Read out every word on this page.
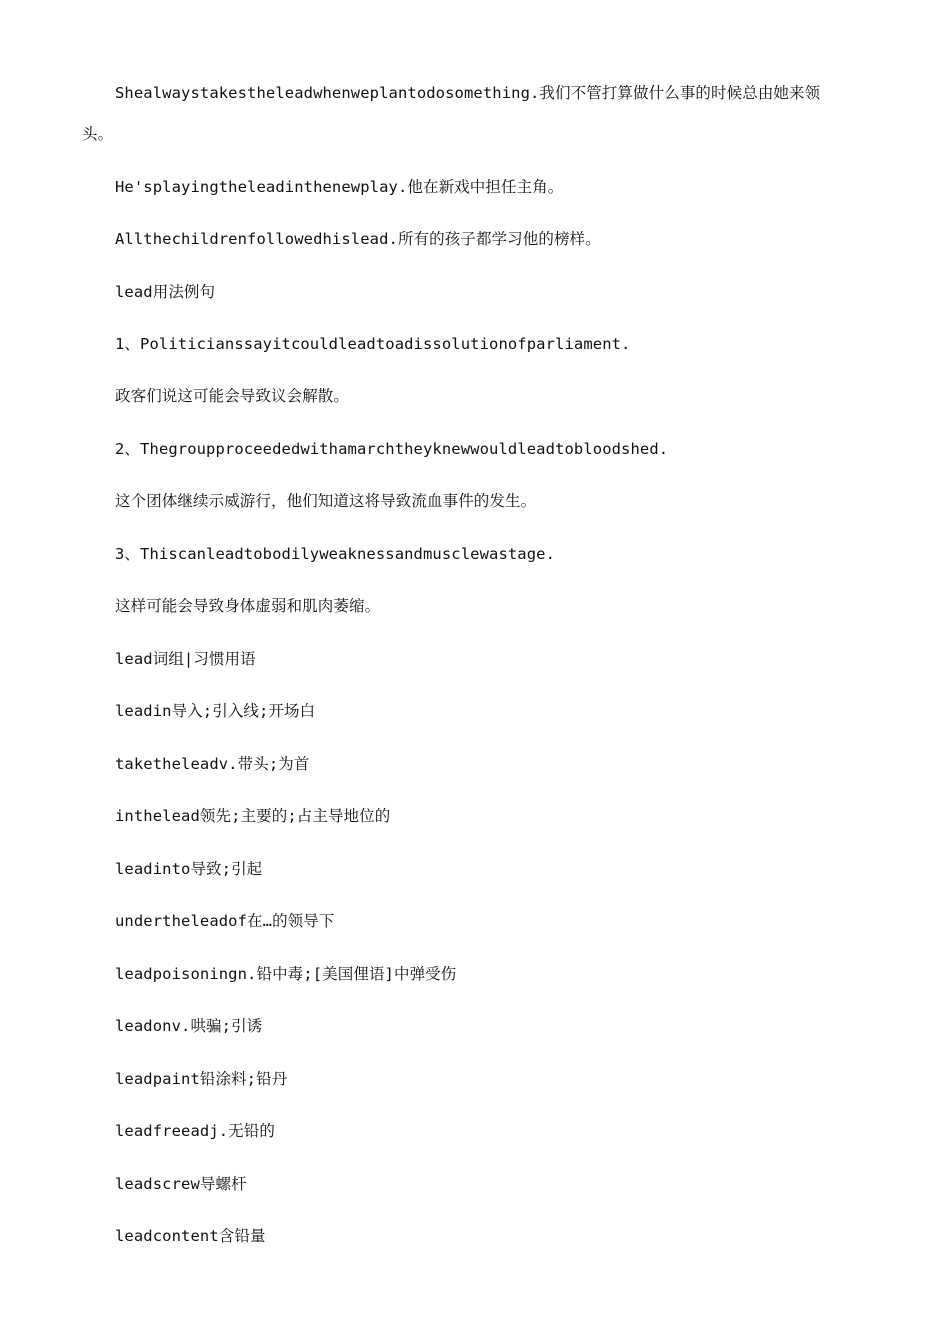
Shealwaystakestheleadwhenweplantodosomething.我们不管打算做什么事的时候总由她来领
头。
He'splayingtheleadinthenewplay.他在新戏中担任主角。
Allthechildrenfollowedhislead.所有的孩子都学习他的榜样。
lead用法例句
1、Politicianssayitcouldleadtoadissolutionofparliament.
政客们说这可能会导致议会解散。
2、Thegroupproceededwithamarchtheyknewwouldleadtobloodshed.
这个团体继续示威游行，他们知道这将导致流血事件的发生。
3、Thiscanleadtobodilyweaknessandmusclewastage.
这样可能会导致身体虚弱和肌肉萎缩。
lead词组|习惯用语
leadin导入;引入线;开场白
taketheleadv.带头;为首
inthelead领先;主要的;占主导地位的
leadinto导致;引起
undertheleadof在…的领导下
leadpoisoningn.铅中毒;[美国俚语]中弹受伤
leadonv.哄骗;引诱
leadpaint铅涂料;铅丹
leadfreeadj.无铅的
leadscrew导螺杆
leadcontent含铅量
